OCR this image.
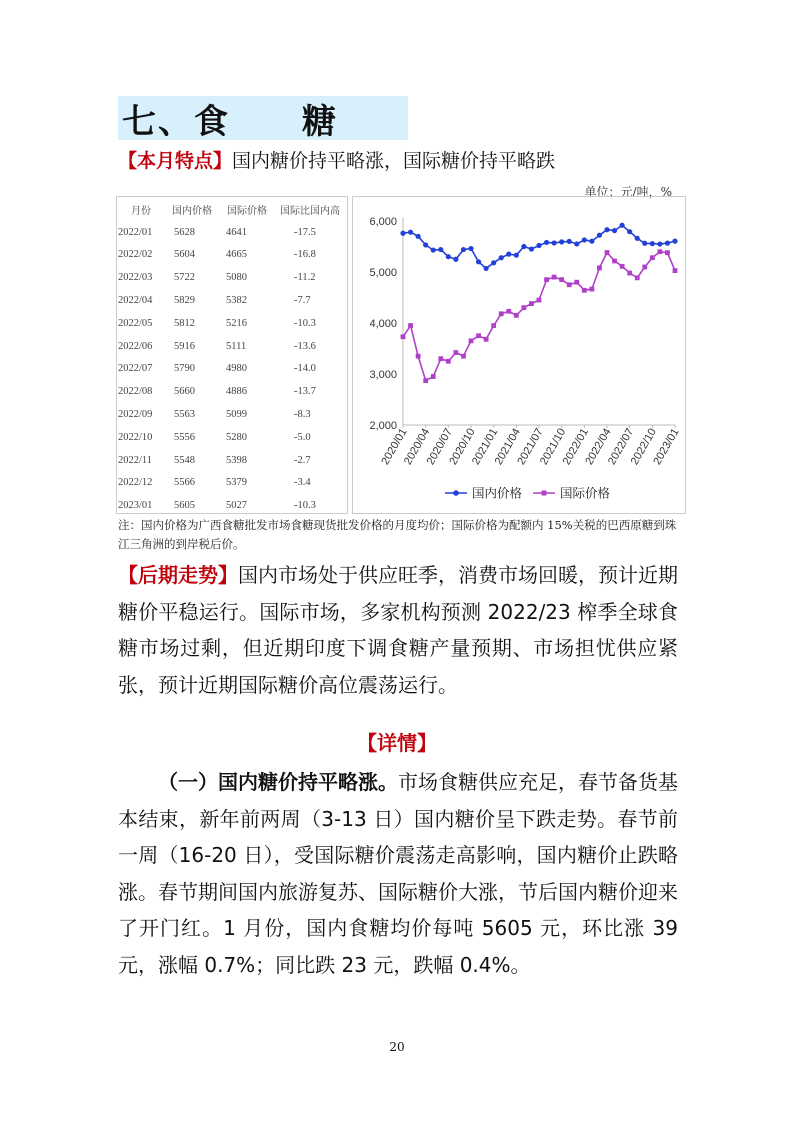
七、食　　糖
【本月特点】国内糖价持平略涨，国际糖价持平略跌
单位：元/吨，%
月份	国内价格	国际价格	国际比国内高
2022/01	5628	4641	-17.5
2022/02	5604	4665	-16.8
2022/03	5722	5080	-11.2
2022/04	5829	5382	-7.7
2022/05	5812	5216	-10.3
2022/06	5916	5111	-13.6
2022/07	5790	4980	-14.0
2022/08	5660	4886	-13.7
2022/09	5563	5099	-8.3
2022/10	5556	5280	-5.0
2022/11	5548	5398	-2.7
2022/12	5566	5379	-3.4
2023/01	5605	5027	-10.3
2,000
3,000
4,000
5,000
6,000
2020/01
2020/04
2020/07
2020/10
2021/01
2021/04
2021/07
2021/10
2022/01
2022/04
2022/07
2022/10
2023/01
国内价格	国际价格
注：国内价格为广西食糖批发市场食糖现货批发价格的月度均价；国际价格为配额内 15%关税的巴西原糖到珠江三角洲的到岸税后价。
【后期走势】国内市场处于供应旺季，消费市场回暖，预计近期糖价平稳运行。国际市场，多家机构预测 2022/23 榨季全球食糖市场过剩，但近期印度下调食糖产量预期、市场担忧供应紧张，预计近期国际糖价高位震荡运行。
【详情】
（一）国内糖价持平略涨。市场食糖供应充足，春节备货基本结束，新年前两周（3-13 日）国内糖价呈下跌走势。春节前一周（16-20 日），受国际糖价震荡走高影响，国内糖价止跌略涨。春节期间国内旅游复苏、国际糖价大涨，节后国内糖价迎来了开门红。1 月份，国内食糖均价每吨 5605 元，环比涨 39 元，涨幅 0.7%；同比跌 23 元，跌幅 0.4%。
20
